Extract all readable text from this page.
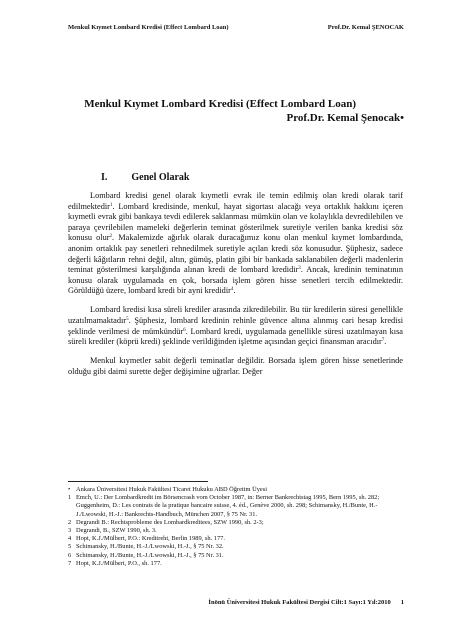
Menkul Kıymet Lombard Kredisi (Effect Lombard Loan)	Prof.Dr. Kemal ŞENOCAK
Menkul Kıymet Lombard Kredisi (Effect Lombard Loan)
Prof.Dr. Kemal Şenocak•
I. Genel Olarak

Lombard kredisi genel olarak kıymetli evrak ile temin edilmiş olan kredi olarak tarif edilmektedir$^1$. Lombard kredisinde, menkul, hayat sigortası alacağı veya ortaklık hakkını içeren kıymetli evrak gibi bankaya tevdi edilerek saklanması mümkün olan ve kolaylıkla devredilebilen ve paraya çevrilebilen mameleki değerlerin teminat gösterilmek suretiyle verilen banka kredisi söz konusu olur$^2$. Makalemizde ağırlık olarak duracağımız konu olan menkul kıymet lombardında, anonim ortaklık pay senetleri rehnedilmek suretiyle açılan kredi söz konusudur. Şüphesiz, sadece değerli kâğıtların rehni değil, altın, gümüş, platin gibi bir bankada saklanabilen değerli madenlerin teminat gösterilmesi karşılığında alınan kredi de lombard kredidir$^3$. Ancak, kredinin teminatının konusu olarak uygulamada en çok, borsada işlem gören hisse senetleri tercih edilmektedir. Görüldüğü üzere, lombard kredi bir ayni kredidir$^4$.

Lombard kredisi kısa süreli krediler arasında zikredilebilir. Bu tür kredilerin süresi genellikle uzatılmamaktadır$^5$. Şüphesiz, lombard kredinin rehinle güvence altına alınmış cari hesap kredisi şeklinde verilmesi de mümkündür$^6$. Lombard kredi, uygulamada genellikle süresi uzatılmayan kısa süreli krediler (köprü kredi) şeklinde verildiğinden işletme açısından geçici finansman aracıdır$^7$.

Menkul kıymetler sabit değerli teminatlar değildir. Borsada işlem gören hisse senetlerinde olduğu gibi daimi surette değer değişimine uğrarlar. Değer

• Ankara Üniversitesi Hukuk Fakültesi Ticaret Hukuku ABD Öğretim Üyesi
1 Emch, U.: Der Lombardkredit im Börsencrash vom October 1987, in: Berner Bankrechtstag 1995, Bern 1995, sh. 282; Guggenheim, D.: Les contrats de la pratique bancaire suisse, 4. éd., Genève 2000, sh. 298; Schimansky, H./Bunte, H.-J./Lwowski, H.-J.: Bankrechts-Handbuch, München 2007, § 75 Nr. 31.
2 Degrandi B.: Rechtsprobleme des Lombardkreditees, SZW 1990, sh. 2-3;
3 Degrandi, B., SZW 1990, sh. 3.
4 Hopt, K.J./Mülbert, P.O.: Kreditreht, Berlin 1989, sh. 177.
5 Schimansky, H./Bunte, H.-J./Lwowski, H.-J., § 75 Nr. 32.
6 Schimansky, H./Bunte, H.-J./Lwowski, H.-J., § 75 Nr. 31.
7 Hopt, K.J./Mülbert, P.O., sh. 177.
İnönü Üniversitesi Hukuk Fakültesi Dergisi Cilt:1 Sayı:1 Yıl:2010 1
